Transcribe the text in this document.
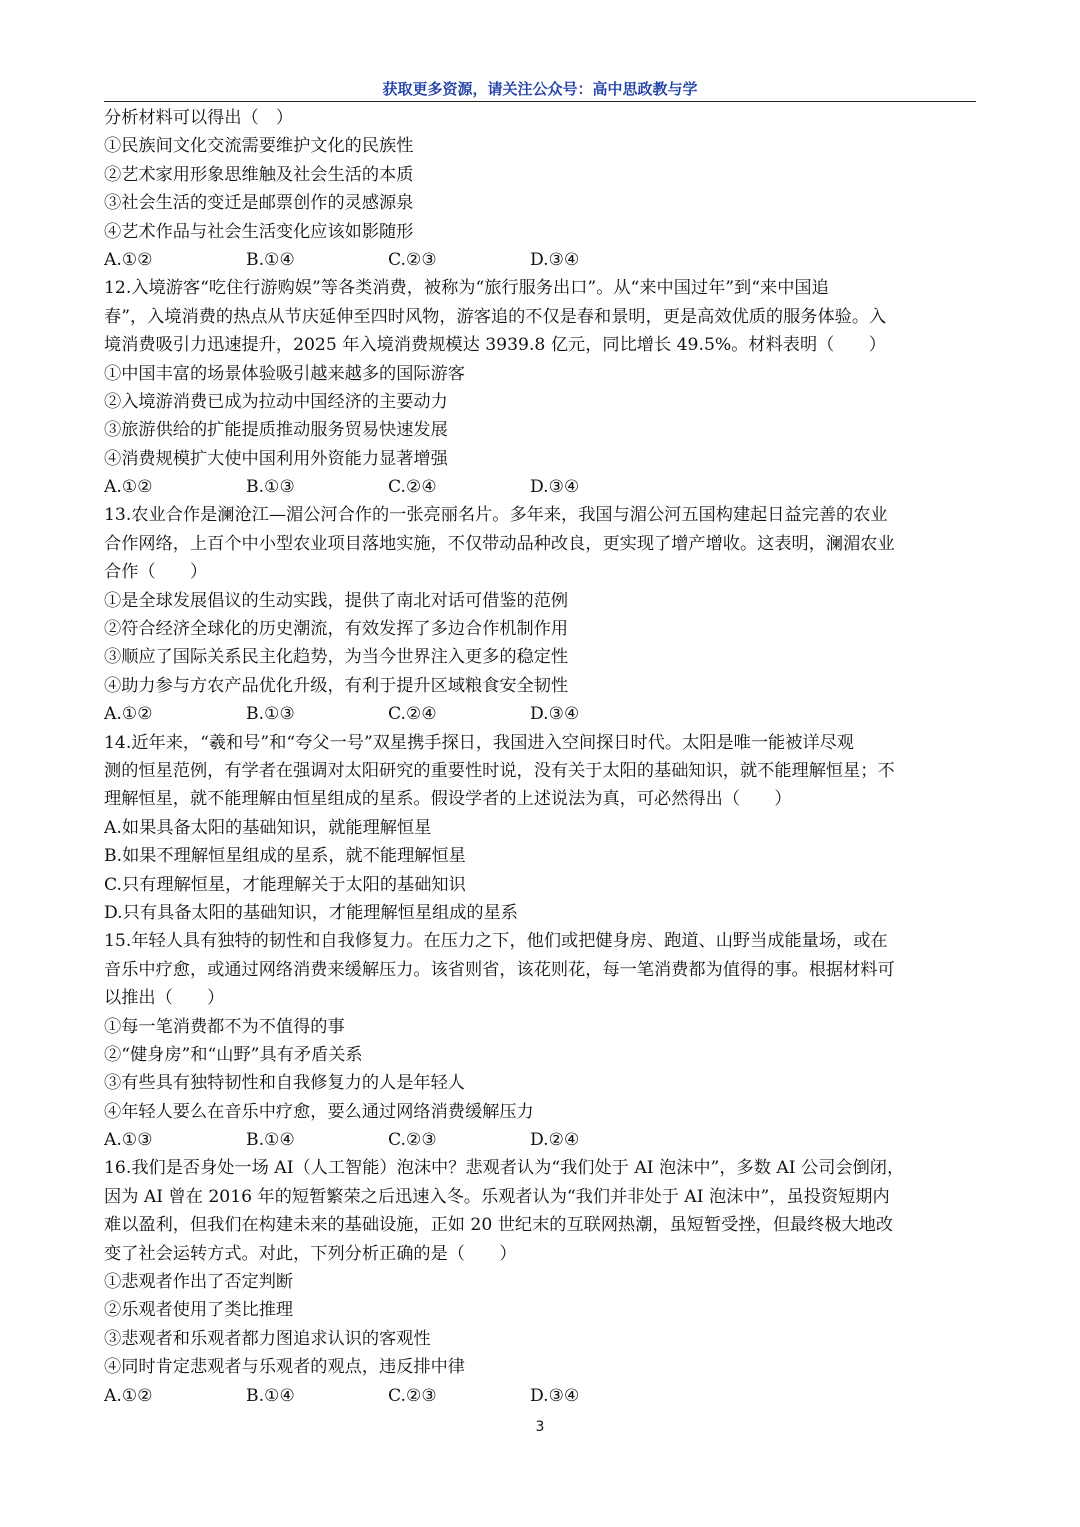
获取更多资源，请关注公众号：高中思政教与学
分析材料可以得出（　）
①民族间文化交流需要维护文化的民族性
②艺术家用形象思维触及社会生活的本质
③社会生活的变迁是邮票创作的灵感源泉
④艺术作品与社会生活变化应该如影随形
A.①②	B.①④	C.②③	D.③④
12.入境游客“吃住行游购娱”等各类消费，被称为“旅行服务出口”。从“来中国过年”到“来中国追
春”，入境消费的热点从节庆延伸至四时风物，游客追的不仅是春和景明，更是高效优质的服务体验。入
境消费吸引力迅速提升，2025 年入境消费规模达 3939.8 亿元，同比增长 49.5%。材料表明（　　）
①中国丰富的场景体验吸引越来越多的国际游客
②入境游消费已成为拉动中国经济的主要动力
③旅游供给的扩能提质推动服务贸易快速发展
④消费规模扩大使中国利用外资能力显著增强
A.①②	B.①③	C.②④	D.③④
13.农业合作是澜沧江—湄公河合作的一张亮丽名片。多年来，我国与湄公河五国构建起日益完善的农业
合作网络，上百个中小型农业项目落地实施，不仅带动品种改良，更实现了增产增收。这表明，澜湄农业
合作（　　）
①是全球发展倡议的生动实践，提供了南北对话可借鉴的范例
②符合经济全球化的历史潮流，有效发挥了多边合作机制作用
③顺应了国际关系民主化趋势，为当今世界注入更多的稳定性
④助力参与方农产品优化升级，有利于提升区域粮食安全韧性
A.①②	B.①③	C.②④	D.③④
14.近年来，“羲和号”和“夸父一号”双星携手探日，我国进入空间探日时代。太阳是唯一能被详尽观
测的恒星范例，有学者在强调对太阳研究的重要性时说，没有关于太阳的基础知识，就不能理解恒星；不
理解恒星，就不能理解由恒星组成的星系。假设学者的上述说法为真，可必然得出（　　）
A.如果具备太阳的基础知识，就能理解恒星
B.如果不理解恒星组成的星系，就不能理解恒星
C.只有理解恒星，才能理解关于太阳的基础知识
D.只有具备太阳的基础知识，才能理解恒星组成的星系
15.年轻人具有独特的韧性和自我修复力。在压力之下，他们或把健身房、跑道、山野当成能量场，或在
音乐中疗愈，或通过网络消费来缓解压力。该省则省，该花则花，每一笔消费都为值得的事。根据材料可
以推出（　　）
①每一笔消费都不为不值得的事
②“健身房”和“山野”具有矛盾关系
③有些具有独特韧性和自我修复力的人是年轻人
④年轻人要么在音乐中疗愈，要么通过网络消费缓解压力
A.①③	B.①④	C.②③	D.②④
16.我们是否身处一场 AI（人工智能）泡沫中？悲观者认为“我们处于 AI 泡沫中”，多数 AI 公司会倒闭，
因为 AI 曾在 2016 年的短暂繁荣之后迅速入冬。乐观者认为“我们并非处于 AI 泡沫中”，虽投资短期内
难以盈利，但我们在构建未来的基础设施，正如 20 世纪末的互联网热潮，虽短暂受挫，但最终极大地改
变了社会运转方式。对此，下列分析正确的是（　　）
①悲观者作出了否定判断
②乐观者使用了类比推理
③悲观者和乐观者都力图追求认识的客观性
④同时肯定悲观者与乐观者的观点，违反排中律
A.①②	B.①④	C.②③	D.③④
3
